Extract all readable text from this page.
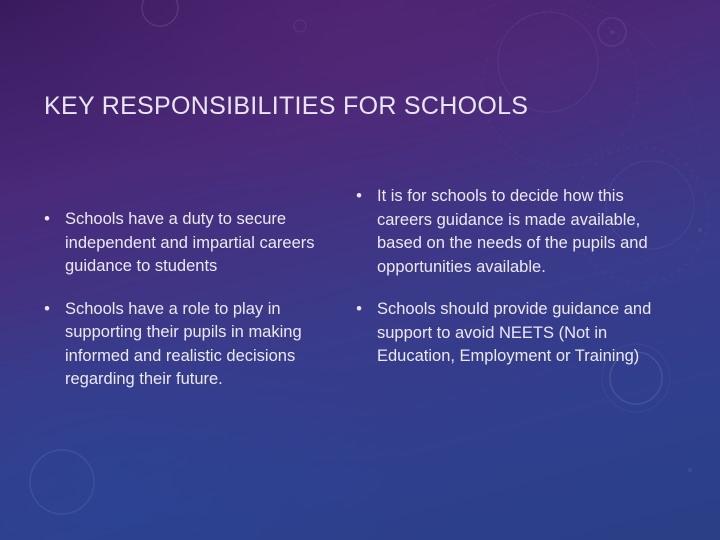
KEY RESPONSIBILITIES FOR SCHOOLS
• Schools have a duty to secure independent and impartial careers guidance to students
• Schools have a role to play in supporting their pupils in making informed and realistic decisions regarding their future.
• It is for schools to decide how this careers guidance is made available, based on the needs of the pupils and opportunities available.
• Schools should provide guidance and support to avoid NEETS (Not in Education, Employment or Training)
